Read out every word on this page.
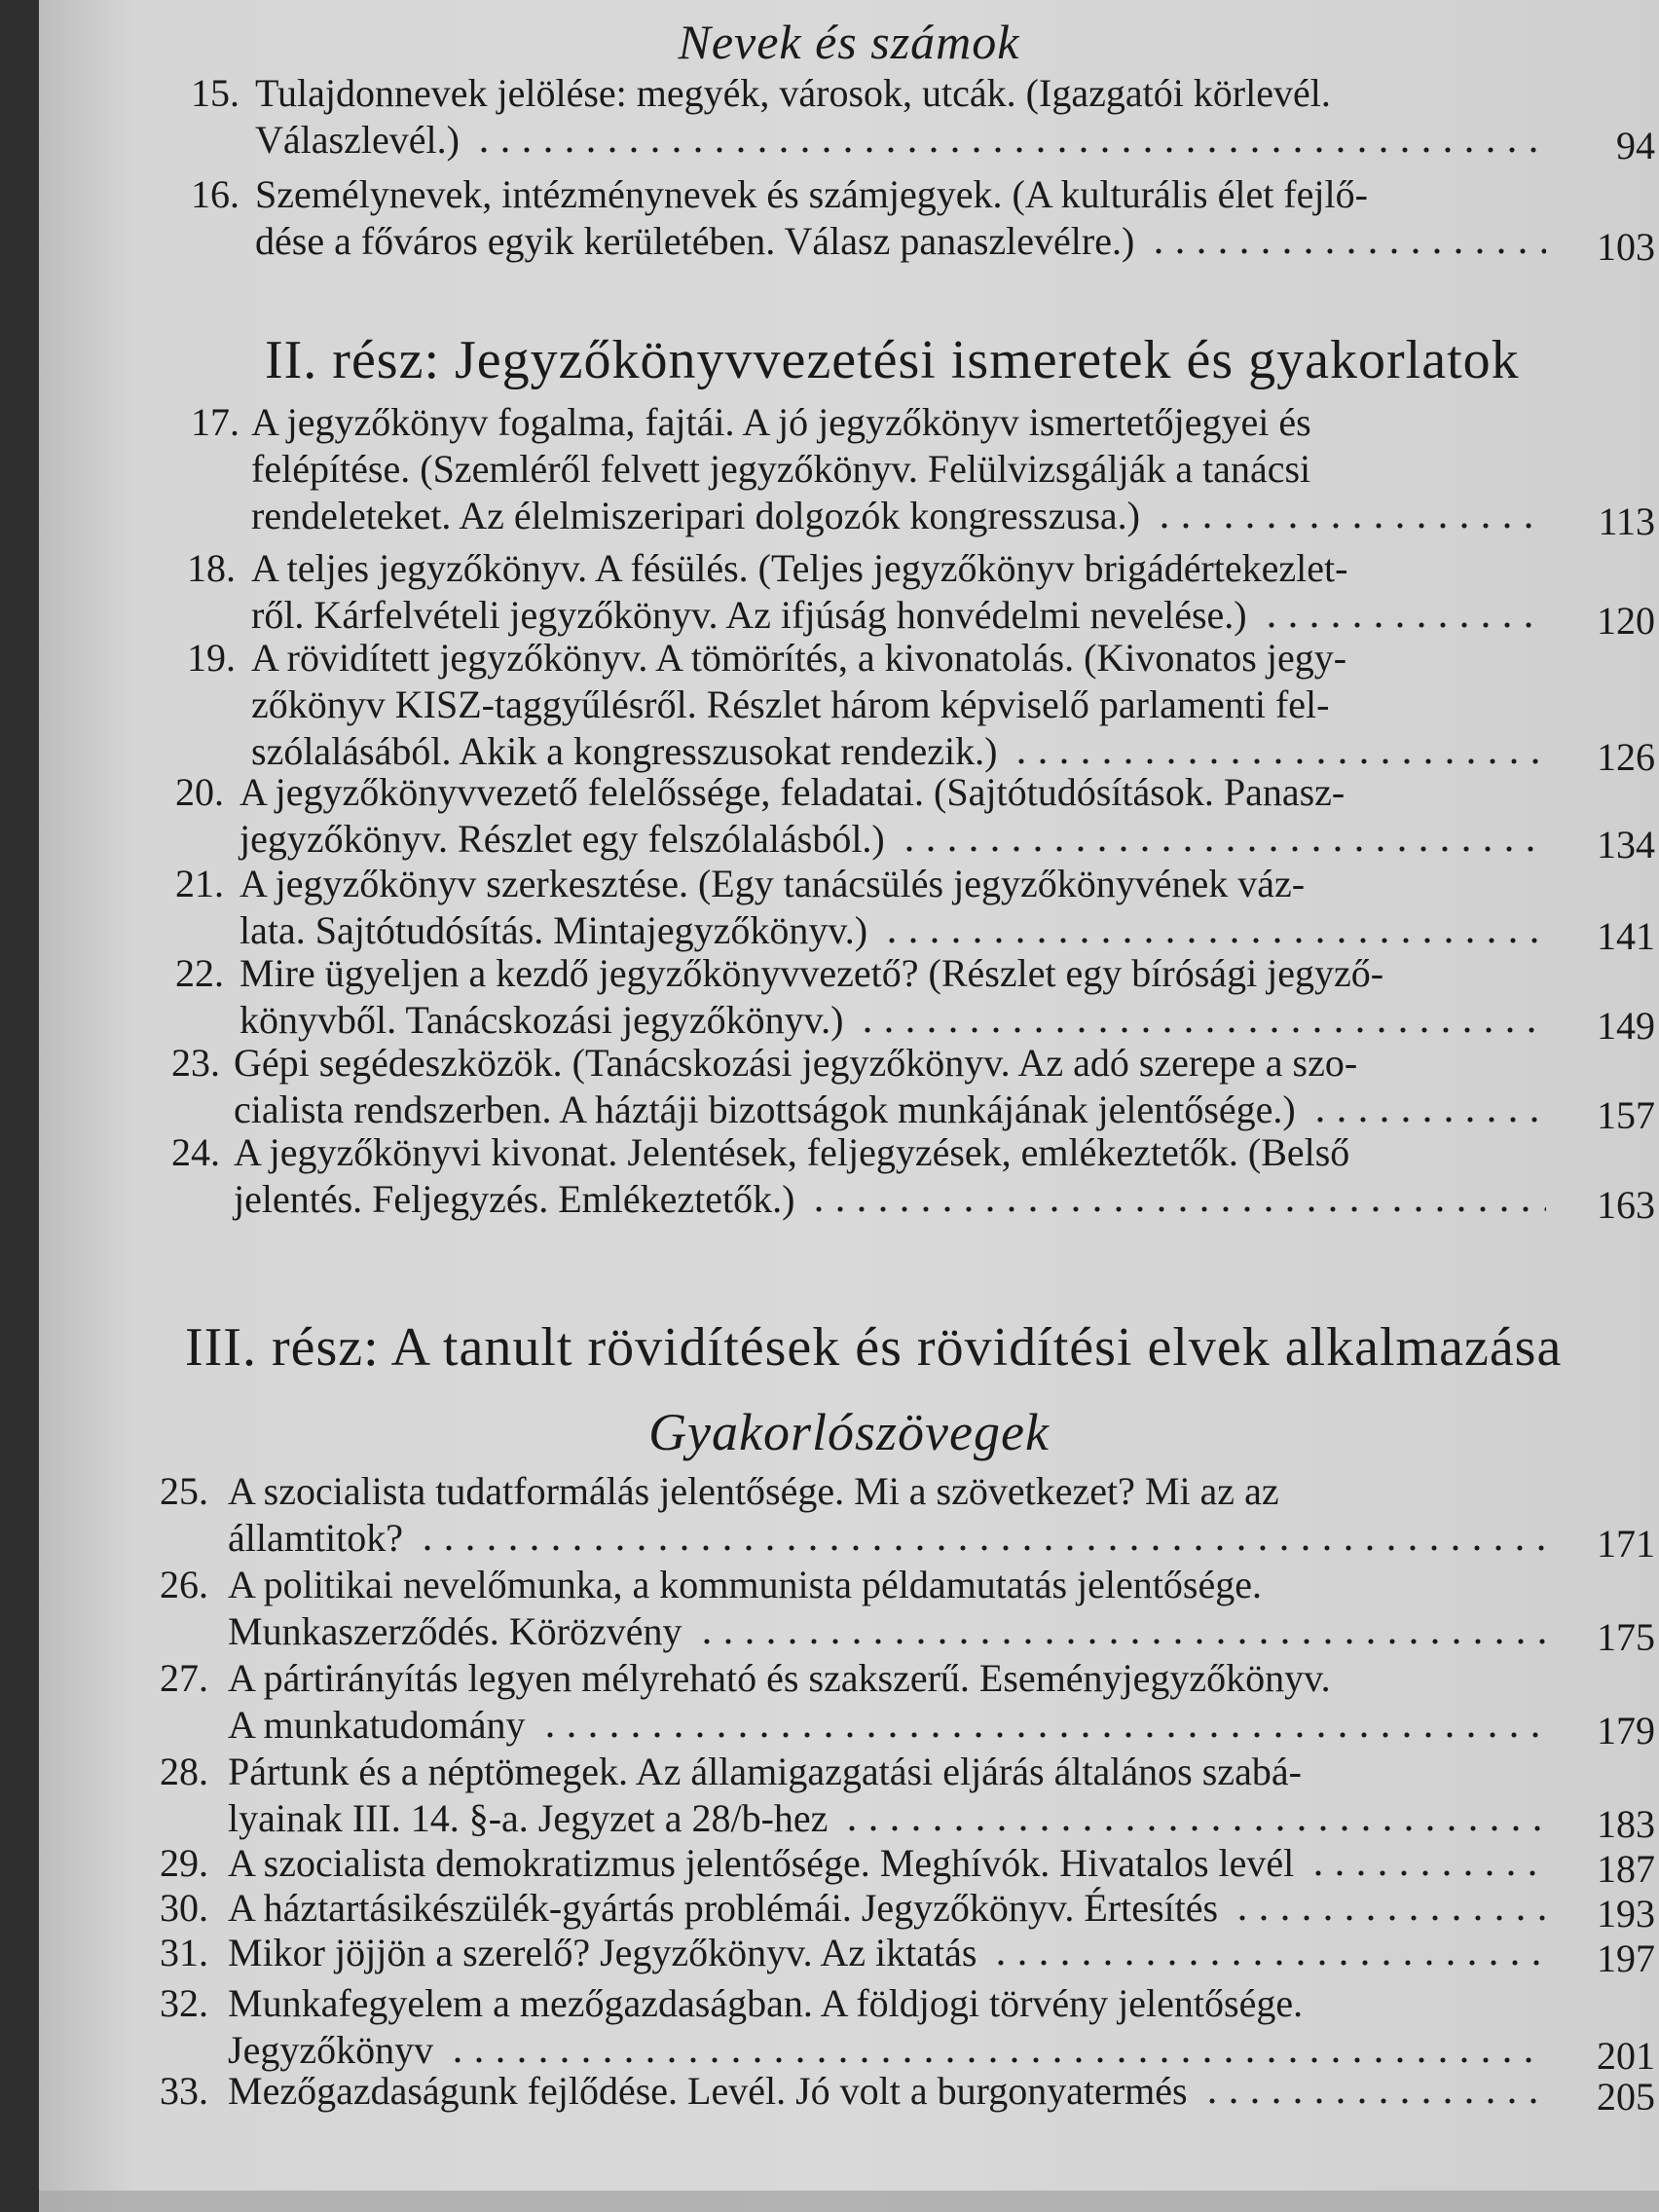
Nevek és számok
II. rész: Jegyzőkönyvvezetési ismeretek és gyakorlatok
III. rész: A tanult rövidítések és rövidítési elvek alkalmazása
Gyakorlószövegek
15. Tulajdonnevek jelölése: megyék, városok, utcák. (Igazgatói körlevél.
Válaszlevél.)	94
16. Személynevek, intézménynevek és számjegyek. (A kulturális élet fejlő-
dése a főváros egyik kerületében. Válasz panaszlevélre.)	103
17. A jegyzőkönyv fogalma, fajtái. A jó jegyzőkönyv ismertetőjegyei és
felépítése. (Szemléről felvett jegyzőkönyv. Felülvizsgálják a tanácsi
rendeleteket. Az élelmiszeripari dolgozók kongresszusa.)	113
18. A teljes jegyzőkönyv. A fésülés. (Teljes jegyzőkönyv brigádértekezlet-
ről. Kárfelvételi jegyzőkönyv. Az ifjúság honvédelmi nevelése.)	120
19. A rövidített jegyzőkönyv. A tömörítés, a kivonatolás. (Kivonatos jegy-
zőkönyv KISZ-taggyűlésről. Részlet három képviselő parlamenti fel-
szólalásából. Akik a kongresszusokat rendezik.)	126
20. A jegyzőkönyvvezető felelőssége, feladatai. (Sajtótudósítások. Panasz-
jegyzőkönyv. Részlet egy felszólalásból.)	134
21. A jegyzőkönyv szerkesztése. (Egy tanácsülés jegyzőkönyvének váz-
lata. Sajtótudósítás. Mintajegyzőkönyv.)	141
22. Mire ügyeljen a kezdő jegyzőkönyvvezető? (Részlet egy bírósági jegyző-
könyvből. Tanácskozási jegyzőkönyv.)	149
23. Gépi segédeszközök. (Tanácskozási jegyzőkönyv. Az adó szerepe a szo-
cialista rendszerben. A háztáji bizottságok munkájának jelentősége.)	157
24. A jegyzőkönyvi kivonat. Jelentések, feljegyzések, emlékeztetők. (Belső
jelentés. Feljegyzés. Emlékeztetők.)	163
25. A szocialista tudatformálás jelentősége. Mi a szövetkezet? Mi az az
államtitok?	171
26. A politikai nevelőmunka, a kommunista példamutatás jelentősége.
Munkaszerződés. Körözvény	175
27. A pártirányítás legyen mélyreható és szakszerű. Eseményjegyzőkönyv.
A munkatudomány	179
28. Pártunk és a néptömegek. Az államigazgatási eljárás általános szabá-
lyainak III. 14. §-a. Jegyzet a 28/b-hez	183
29. A szocialista demokratizmus jelentősége. Meghívók. Hivatalos levél	187
30. A háztartásikészülék-gyártás problémái. Jegyzőkönyv. Értesítés	193
31. Mikor jöjjön a szerelő? Jegyzőkönyv. Az iktatás	197
32. Munkafegyelem a mezőgazdaságban. A földjogi törvény jelentősége.
Jegyzőkönyv	201
33. Mezőgazdaságunk fejlődése. Levél. Jó volt a burgonyatermés	205
